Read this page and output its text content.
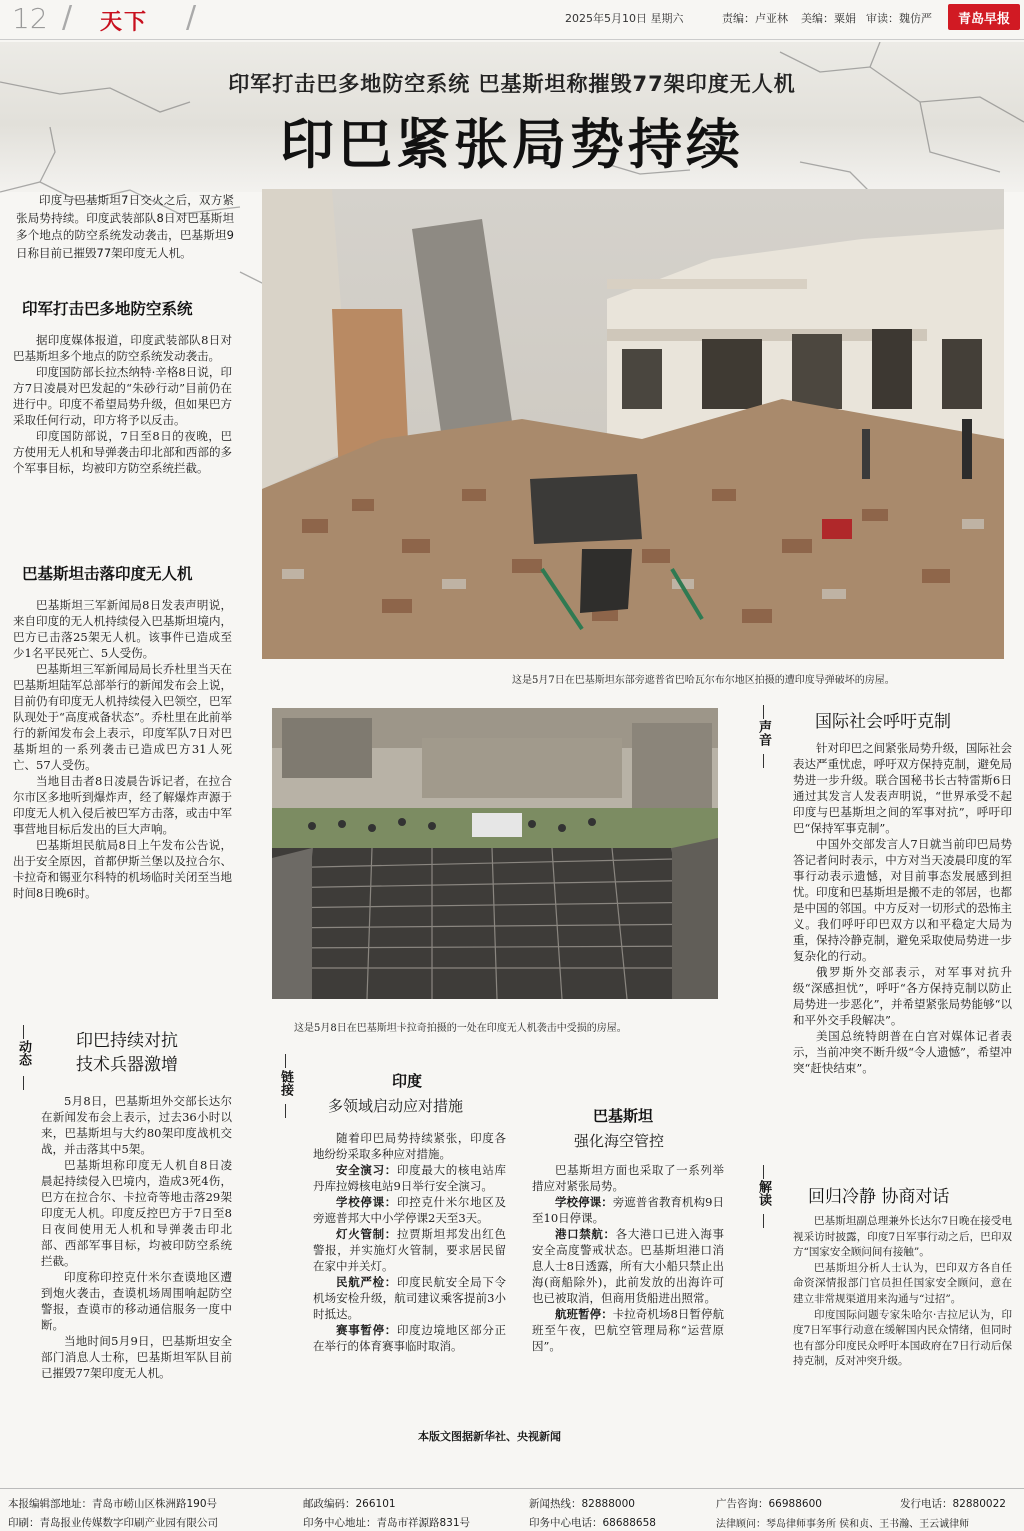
12 / 天下 /	2025年5月10日 星期六	责编：卢亚林 美编：粟娟 审读：魏仿严	青岛早报
印军打击巴多地防空系统 巴基斯坦称摧毁77架印度无人机
印巴紧张局势持续
印度与巴基斯坦7日交火之后，双方紧张局势持续。印度武装部队8日对巴基斯坦多个地点的防空系统发动袭击，巴基斯坦9日称目前已摧毁77架印度无人机。
印军打击巴多地防空系统

据印度媒体报道，印度武装部队8日对巴基斯坦多个地点的防空系统发动袭击。

印度国防部长拉杰纳特·辛格8日说，印方7日凌晨对巴发起的“朱砂行动”目前仍在进行中。印度不希望局势升级，但如果巴方采取任何行动，印方将予以反击。

印度国防部说，7日至8日的夜晚，巴方使用无人机和导弹袭击印北部和西部的多个军事目标，均被印方防空系统拦截。

巴基斯坦击落印度无人机

巴基斯坦三军新闻局8日发表声明说，来自印度的无人机持续侵入巴基斯坦境内，巴方已击落25架无人机。该事件已造成至少1名平民死亡、5人受伤。

巴基斯坦三军新闻局局长乔杜里当天在巴基斯坦陆军总部举行的新闻发布会上说，目前仍有印度无人机持续侵入巴领空，巴军队现处于“高度戒备状态”。乔杜里在此前举行的新闻发布会上表示，印度军队7日对巴基斯坦的一系列袭击已造成巴方31人死亡、57人受伤。

当地目击者8日凌晨告诉记者，在拉合尔市区多地听到爆炸声，经了解爆炸声源于印度无人机入侵后被巴军方击落，或击中军事营地目标后发出的巨大声响。

巴基斯坦民航局8日上午发布公告说，出于安全原因，首都伊斯兰堡以及拉合尔、卡拉奇和锡亚尔科特的机场临时关闭至当地时间8日晚6时。

这是5月7日在巴基斯坦东部旁遮普省巴哈瓦尔布尔地区拍摄的遭印度导弹破坏的房屋。
这是5月8日在巴基斯坦卡拉奇拍摄的一处在印度无人机袭击中受损的房屋。
动态	印巴持续对抗
技术兵器激增

5月8日，巴基斯坦外交部长达尔在新闻发布会上表示，过去36小时以来，巴基斯坦与大约80架印度战机交战，并击落其中5架。

巴基斯坦称印度无人机自8日凌晨起持续侵入巴境内，造成3死4伤，巴方在拉合尔、卡拉奇等地击落29架印度无人机。印度反控巴方于7日至8日夜间使用无人机和导弹袭击印北部、西部军事目标，均被印防空系统拦截。

印度称印控克什米尔查谟地区遭到炮火袭击，查谟机场周围响起防空警报，查谟市的移动通信服务一度中断。

当地时间5月9日，巴基斯坦安全部门消息人士称，巴基斯坦军队目前已摧毁77架印度无人机。

链接	印度
多领域启动应对措施

随着印巴局势持续紧张，印度各地纷纷采取多种应对措施。

安全演习：印度最大的核电站库丹库拉姆核电站9日举行安全演习。

学校停课：印控克什米尔地区及旁遮普邦大中小学停课2天至3天。

灯火管制：拉贾斯坦邦发出红色警报，并实施灯火管制，要求居民留在家中并关灯。

民航严检：印度民航安全局下令机场安检升级，航司建议乘客提前3小时抵达。

赛事暂停：印度边境地区部分正在举行的体育赛事临时取消。

巴基斯坦
强化海空管控

巴基斯坦方面也采取了一系列举措应对紧张局势。

学校停课：旁遮普省教育机构9日至10日停课。

港口禁航：各大港口已进入海事安全高度警戒状态。巴基斯坦港口消息人士8日透露，所有大小船只禁止出海(商船除外)，此前发放的出海许可也已被取消，但商用货船进出照常。

航班暂停：卡拉奇机场8日暂停航班至午夜，巴航空管理局称“运营原因”。

本版文图据新华社、央视新闻
声音	国际社会呼吁克制

针对印巴之间紧张局势升级，国际社会表达严重忧虑，呼吁双方保持克制，避免局势进一步升级。联合国秘书长古特雷斯6日通过其发言人发表声明说，“世界承受不起印度与巴基斯坦之间的军事对抗”，呼吁印巴“保持军事克制”。

中国外交部发言人7日就当前印巴局势答记者问时表示，中方对当天凌晨印度的军事行动表示遗憾，对目前事态发展感到担忧。印度和巴基斯坦是搬不走的邻居，也都是中国的邻国。中方反对一切形式的恐怖主义。我们呼吁印巴双方以和平稳定大局为重，保持冷静克制，避免采取使局势进一步复杂化的行动。

俄罗斯外交部表示，对军事对抗升级“深感担忧”，呼吁“各方保持克制以防止局势进一步恶化”，并希望紧张局势能够“以和平外交手段解决”。

美国总统特朗普在白宫对媒体记者表示，当前冲突不断升级“令人遗憾”，希望冲突“赶快结束”。

解读 回归冷静 协商对话

巴基斯坦副总理兼外长达尔7日晚在接受电视采访时披露，印度7日军事行动之后，巴印双方“国家安全顾问间有接触”。

巴基斯坦分析人士认为，巴印双方各自任命资深情报部门官员担任国家安全顾问，意在建立非常规渠道用来沟通与“过招”。

印度国际问题专家朱哈尔·吉拉尼认为，印度7日军事行动意在缓解国内民众情绪，但同时也有部分印度民众呼吁本国政府在7日行动后保持克制，反对冲突升级。

本报编辑部地址：青岛市崂山区株洲路190号
印刷：青岛报业传媒数字印刷产业园有限公司
邮政编码：266101
印务中心地址：青岛市祥源路831号
新闻热线：82888000
印务中心电话：68688658
广告咨询：66988600
法律顾问：琴岛律师事务所 侯和贞、王书瀚、王云诚律师
发行电话：82880022
